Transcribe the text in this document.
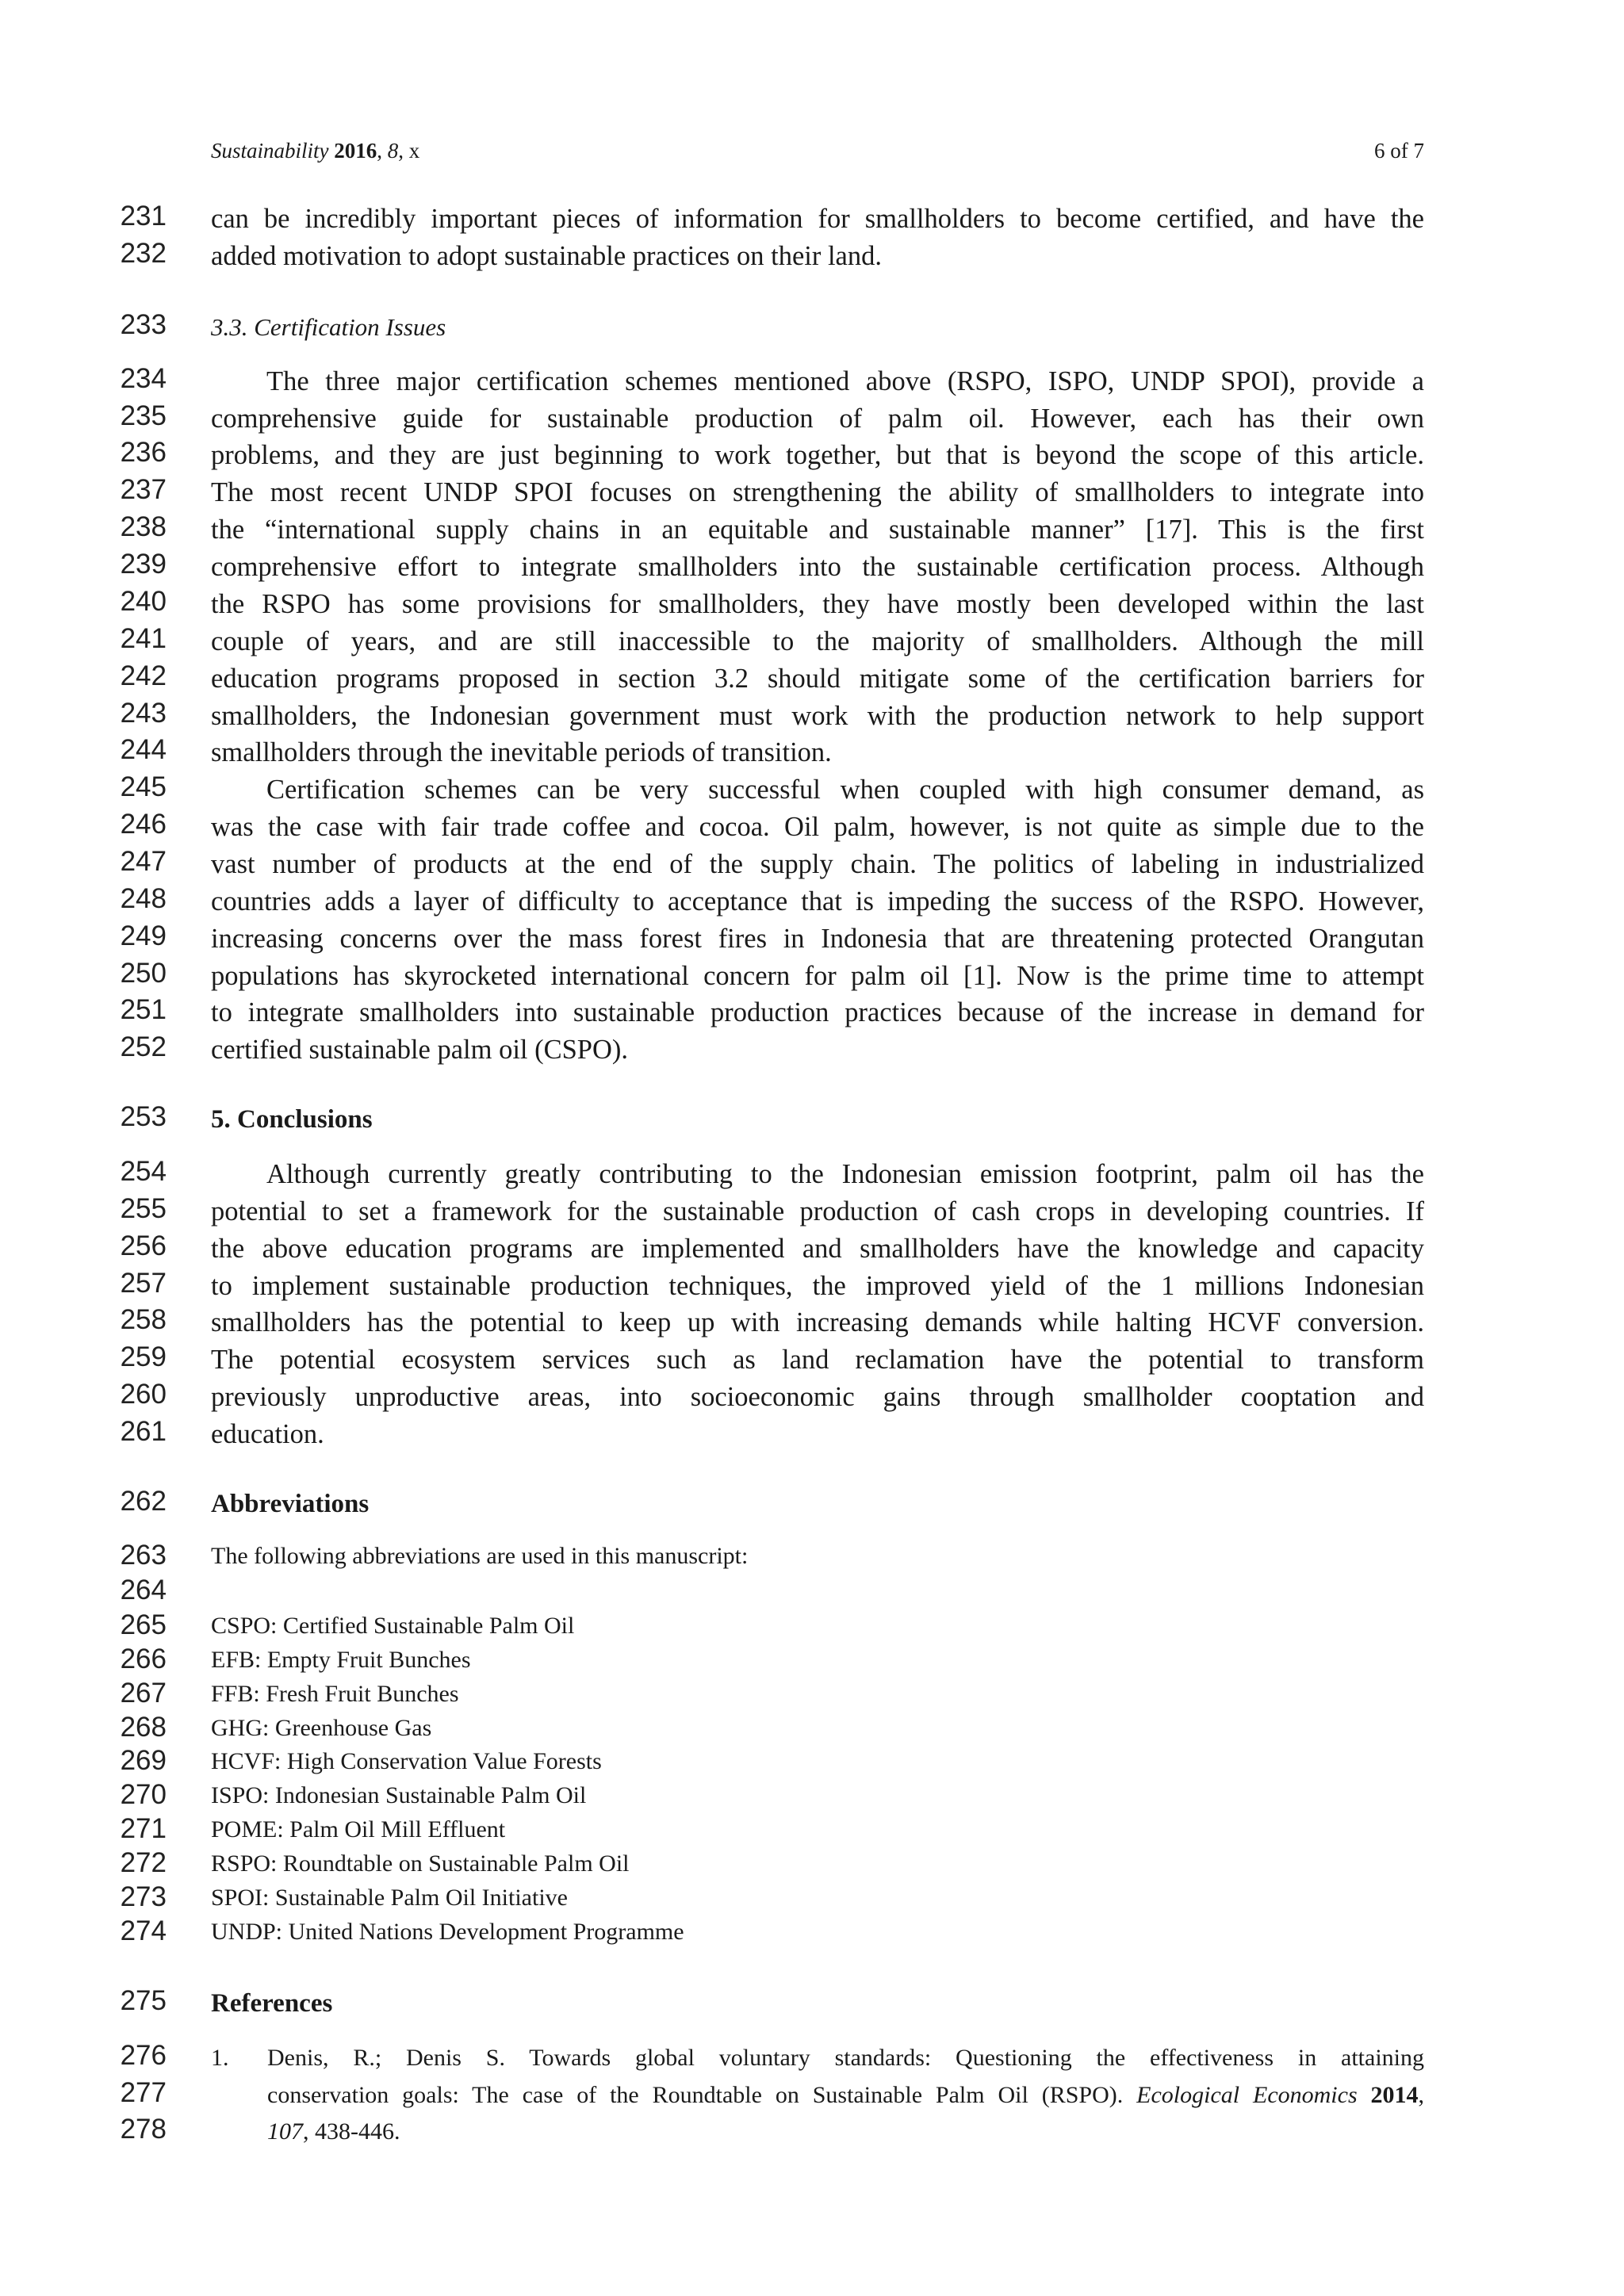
Sustainability 2016, 8, x	6 of 7
231
232
233
234
235
236
237
238
239
240
241
242
243
244
245
246
247
248
249
250
251
252
253
254
255
256
257
258
259
260
261
262
263
264
265
266
267
268
269
270
271
272
273
274
275
276
277
278
can be incredibly important pieces of information for smallholders to become certified, and have the
added motivation to adopt sustainable practices on their land.
3.3. Certification Issues
The three major certification schemes mentioned above (RSPO, ISPO, UNDP SPOI), provide a
comprehensive guide for sustainable production of palm oil. However, each has their own
problems, and they are just beginning to work together, but that is beyond the scope of this article.
The most recent UNDP SPOI focuses on strengthening the ability of smallholders to integrate into
the “international supply chains in an equitable and sustainable manner” [17]. This is the first
comprehensive effort to integrate smallholders into the sustainable certification process. Although
the RSPO has some provisions for smallholders, they have mostly been developed within the last
couple of years, and are still inaccessible to the majority of smallholders. Although the mill
education programs proposed in section 3.2 should mitigate some of the certification barriers for
smallholders, the Indonesian government must work with the production network to help support
smallholders through the inevitable periods of transition.
Certification schemes can be very successful when coupled with high consumer demand, as
was the case with fair trade coffee and cocoa. Oil palm, however, is not quite as simple due to the
vast number of products at the end of the supply chain. The politics of labeling in industrialized
countries adds a layer of difficulty to acceptance that is impeding the success of the RSPO. However,
increasing concerns over the mass forest fires in Indonesia that are threatening protected Orangutan
populations has skyrocketed international concern for palm oil [1]. Now is the prime time to attempt
to integrate smallholders into sustainable production practices because of the increase in demand for
certified sustainable palm oil (CSPO).
5. Conclusions
Although currently greatly contributing to the Indonesian emission footprint, palm oil has the
potential to set a framework for the sustainable production of cash crops in developing countries. If
the above education programs are implemented and smallholders have the knowledge and capacity
to implement sustainable production techniques, the improved yield of the 1 millions Indonesian
smallholders has the potential to keep up with increasing demands while halting HCVF conversion.
The potential ecosystem services such as land reclamation have the potential to transform
previously unproductive areas, into socioeconomic gains through smallholder cooptation and
education.
Abbreviations
The following abbreviations are used in this manuscript:
CSPO: Certified Sustainable Palm Oil
EFB: Empty Fruit Bunches
FFB: Fresh Fruit Bunches
GHG: Greenhouse Gas
HCVF: High Conservation Value Forests
ISPO: Indonesian Sustainable Palm Oil
POME: Palm Oil Mill Effluent
RSPO: Roundtable on Sustainable Palm Oil
SPOI: Sustainable Palm Oil Initiative
UNDP: United Nations Development Programme
References
1. Denis, R.; Denis S. Towards global voluntary standards: Questioning the effectiveness in attaining
conservation goals: The case of the Roundtable on Sustainable Palm Oil (RSPO). Ecological Economics 2014,
107, 438-446.
